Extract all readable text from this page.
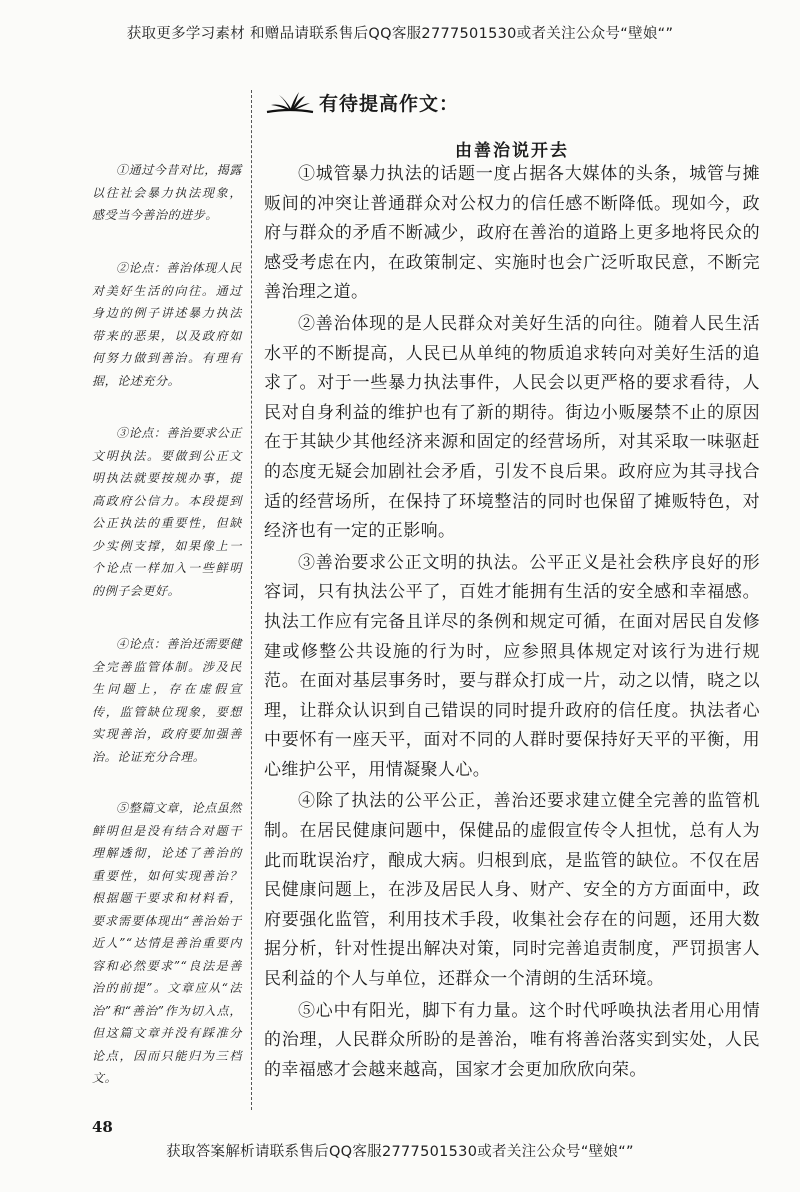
获取更多学习素材 和赠品请联系售后QQ客服2777501530或者关注公众号“壁娘“”

①通过今昔对比，揭露以往社会暴力执法现象，感受当今善治的进步。

②论点：善治体现人民对美好生活的向往。通过身边的例子讲述暴力执法带来的恶果，以及政府如何努力做到善治。有理有据，论述充分。

③论点：善治要求公正文明执法。要做到公正文明执法就要按规办事，提高政府公信力。本段提到公正执法的重要性，但缺少实例支撑，如果像上一个论点一样加入一些鲜明的例子会更好。

④论点：善治还需要健全完善监管体制。涉及民生问题上，存在虚假宣传，监管缺位现象，要想实现善治，政府要加强善治。论证充分合理。

⑤整篇文章，论点虽然鲜明但是没有结合对题干理解透彻，论述了善治的重要性，如何实现善治？根据题干要求和材料看，要求需要体现出“善治始于近人”“达情是善治重要内容和必然要求”“良法是善治的前提”。文章应从“法治”和“善治”作为切入点，但这篇文章并没有踩准分论点，因而只能归为三档文。

有待提高作文：
由善治说开去

①城管暴力执法的话题一度占据各大媒体的头条，城管与摊贩间的冲突让普通群众对公权力的信任感不断降低。现如今，政府与群众的矛盾不断减少，政府在善治的道路上更多地将民众的感受考虑在内，在政策制定、实施时也会广泛听取民意，不断完善治理之道。

②善治体现的是人民群众对美好生活的向往。随着人民生活水平的不断提高，人民已从单纯的物质追求转向对美好生活的追求了。对于一些暴力执法事件，人民会以更严格的要求看待，人民对自身利益的维护也有了新的期待。街边小贩屡禁不止的原因在于其缺少其他经济来源和固定的经营场所，对其采取一味驱赶的态度无疑会加剧社会矛盾，引发不良后果。政府应为其寻找合适的经营场所，在保持了环境整洁的同时也保留了摊贩特色，对经济也有一定的正影响。

③善治要求公正文明的执法。公平正义是社会秩序良好的形容词，只有执法公平了，百姓才能拥有生活的安全感和幸福感。执法工作应有完备且详尽的条例和规定可循，在面对居民自发修建或修整公共设施的行为时，应参照具体规定对该行为进行规范。在面对基层事务时，要与群众打成一片，动之以情，晓之以理，让群众认识到自己错误的同时提升政府的信任度。执法者心中要怀有一座天平，面对不同的人群时要保持好天平的平衡，用心维护公平，用情凝聚人心。

④除了执法的公平公正，善治还要求建立健全完善的监管机制。在居民健康问题中，保健品的虚假宣传令人担忧，总有人为此而耽误治疗，酿成大病。归根到底，是监管的缺位。不仅在居民健康问题上，在涉及居民人身、财产、安全的方方面面中，政府要强化监管，利用技术手段，收集社会存在的问题，还用大数据分析，针对性提出解决对策，同时完善追责制度，严罚损害人民利益的个人与单位，还群众一个清朗的生活环境。

⑤心中有阳光，脚下有力量。这个时代呼唤执法者用心用情的治理，人民群众所盼的是善治，唯有将善治落实到实处，人民的幸福感才会越来越高，国家才会更加欣欣向荣。

48
获取答案解析请联系售后QQ客服2777501530或者关注公众号“壁娘“”
